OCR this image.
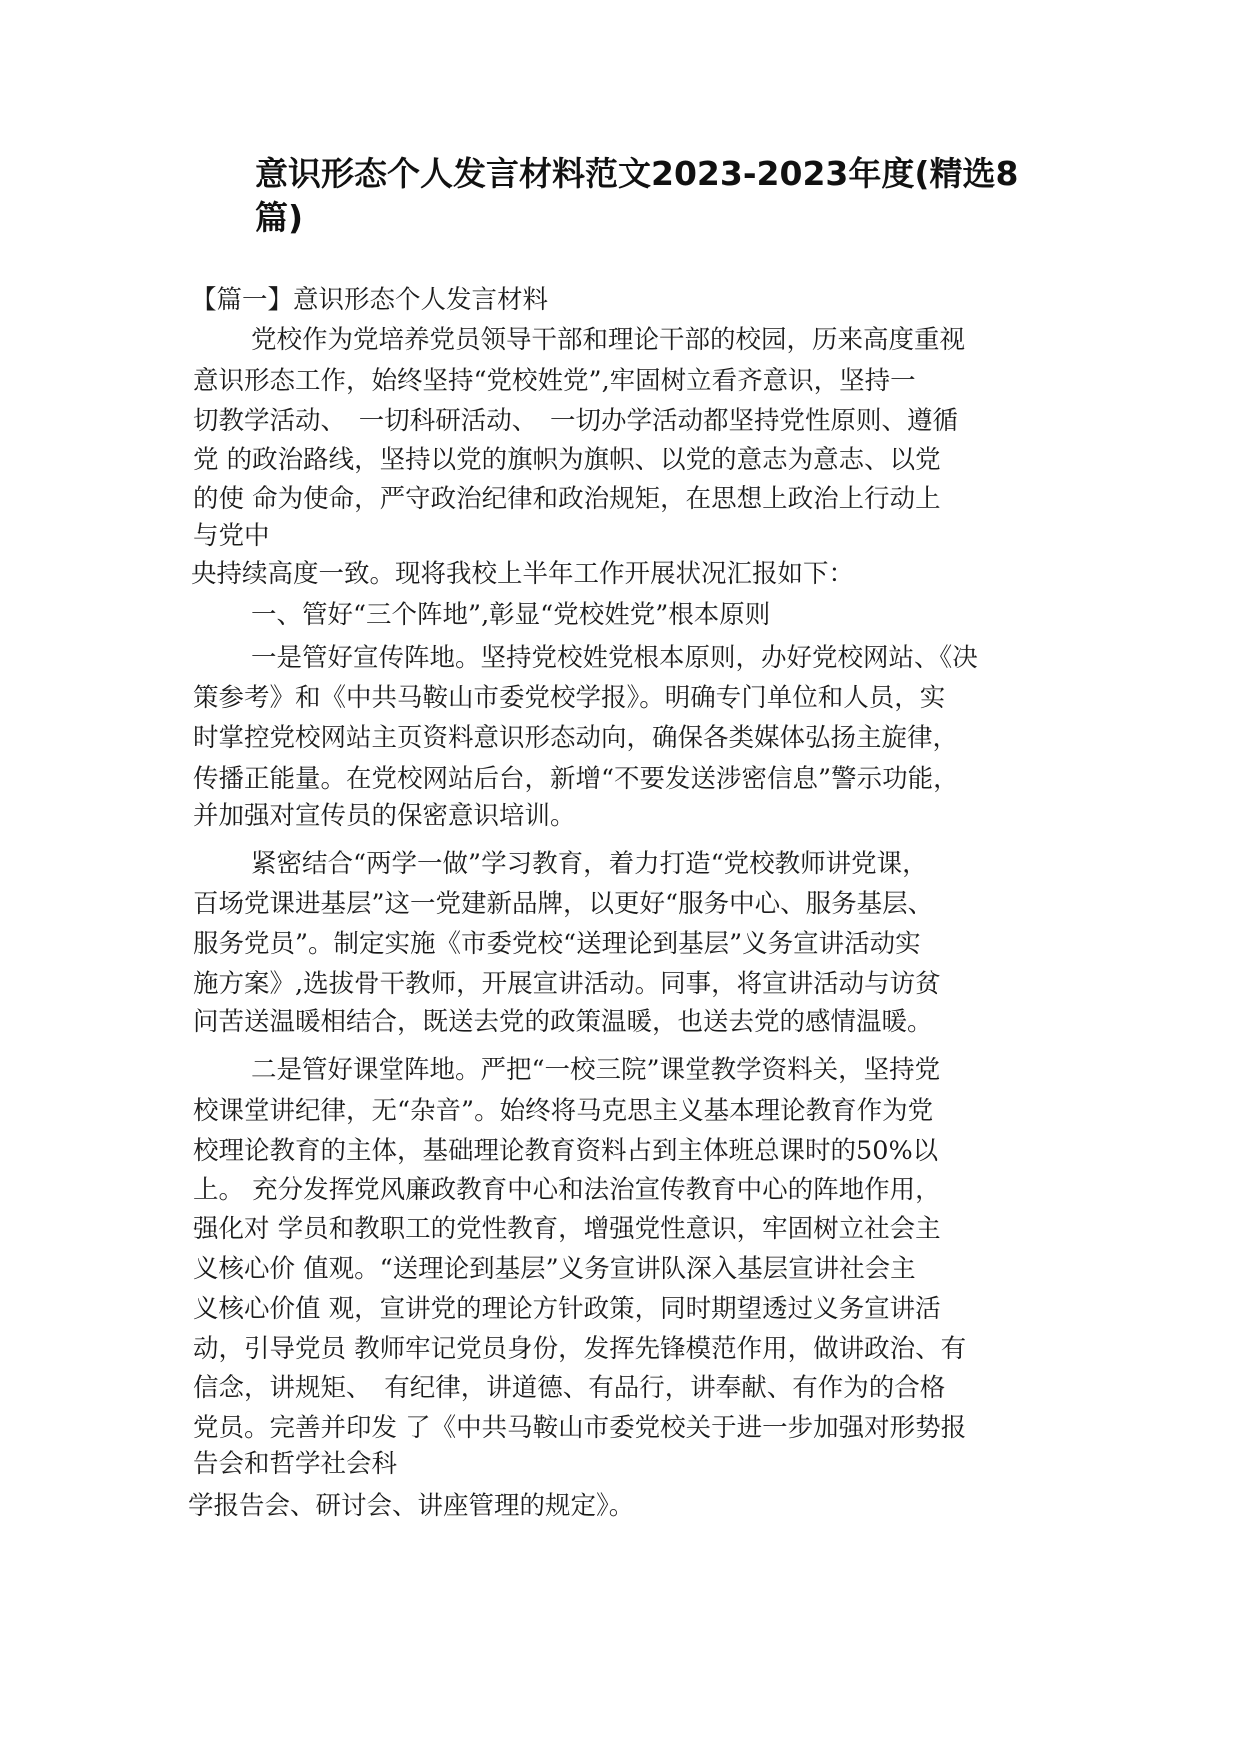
意识形态个人发言材料范文2023-2023年度(精选8
篇)
【篇一】意识形态个人发言材料
党校作为党培养党员领导干部和理论干部的校园，历来高度重视
意识形态工作，始终坚持“党校姓党”,牢固树立看齐意识，坚持一
切教学活动、　一切科研活动、　一切办学活动都坚持党性原则、遵循
党 的政治路线，坚持以党的旗帜为旗帜、以党的意志为意志、以党
的使 命为使命，严守政治纪律和政治规矩，在思想上政治上行动上
与党中
央持续高度一致。现将我校上半年工作开展状况汇报如下：
一、管好“三个阵地”,彰显“党校姓党”根本原则
一是管好宣传阵地。坚持党校姓党根本原则，办好党校网站、《决
策参考》和《中共马鞍山市委党校学报》。明确专门单位和人员，实
时掌控党校网站主页资料意识形态动向，确保各类媒体弘扬主旋律，
传播正能量。在党校网站后台，新增“不要发送涉密信息”警示功能，
并加强对宣传员的保密意识培训。
紧密结合“两学一做”学习教育，着力打造“党校教师讲党课，
百场党课进基层”这一党建新品牌，以更好“服务中心、服务基层、
服务党员”。制定实施《市委党校“送理论到基层”义务宣讲活动实
施方案》,选拔骨干教师，开展宣讲活动。同事，将宣讲活动与访贫
问苦送温暖相结合，既送去党的政策温暖，也送去党的感情温暖。
二是管好课堂阵地。严把“一校三院”课堂教学资料关，坚持党
校课堂讲纪律，无“杂音”。始终将马克思主义基本理论教育作为党
校理论教育的主体，基础理论教育资料占到主体班总课时的50%以
上。 充分发挥党风廉政教育中心和法治宣传教育中心的阵地作用，
强化对 学员和教职工的党性教育，增强党性意识，牢固树立社会主
义核心价 值观。“送理论到基层”义务宣讲队深入基层宣讲社会主
义核心价值 观，宣讲党的理论方针政策，同时期望透过义务宣讲活
动，引导党员 教师牢记党员身份，发挥先锋模范作用，做讲政治、有
信念，讲规矩、　有纪律，讲道德、有品行，讲奉献、有作为的合格
党员。完善并印发 了《中共马鞍山市委党校关于进一步加强对形势报
告会和哲学社会科
学报告会、研讨会、讲座管理的规定》。
